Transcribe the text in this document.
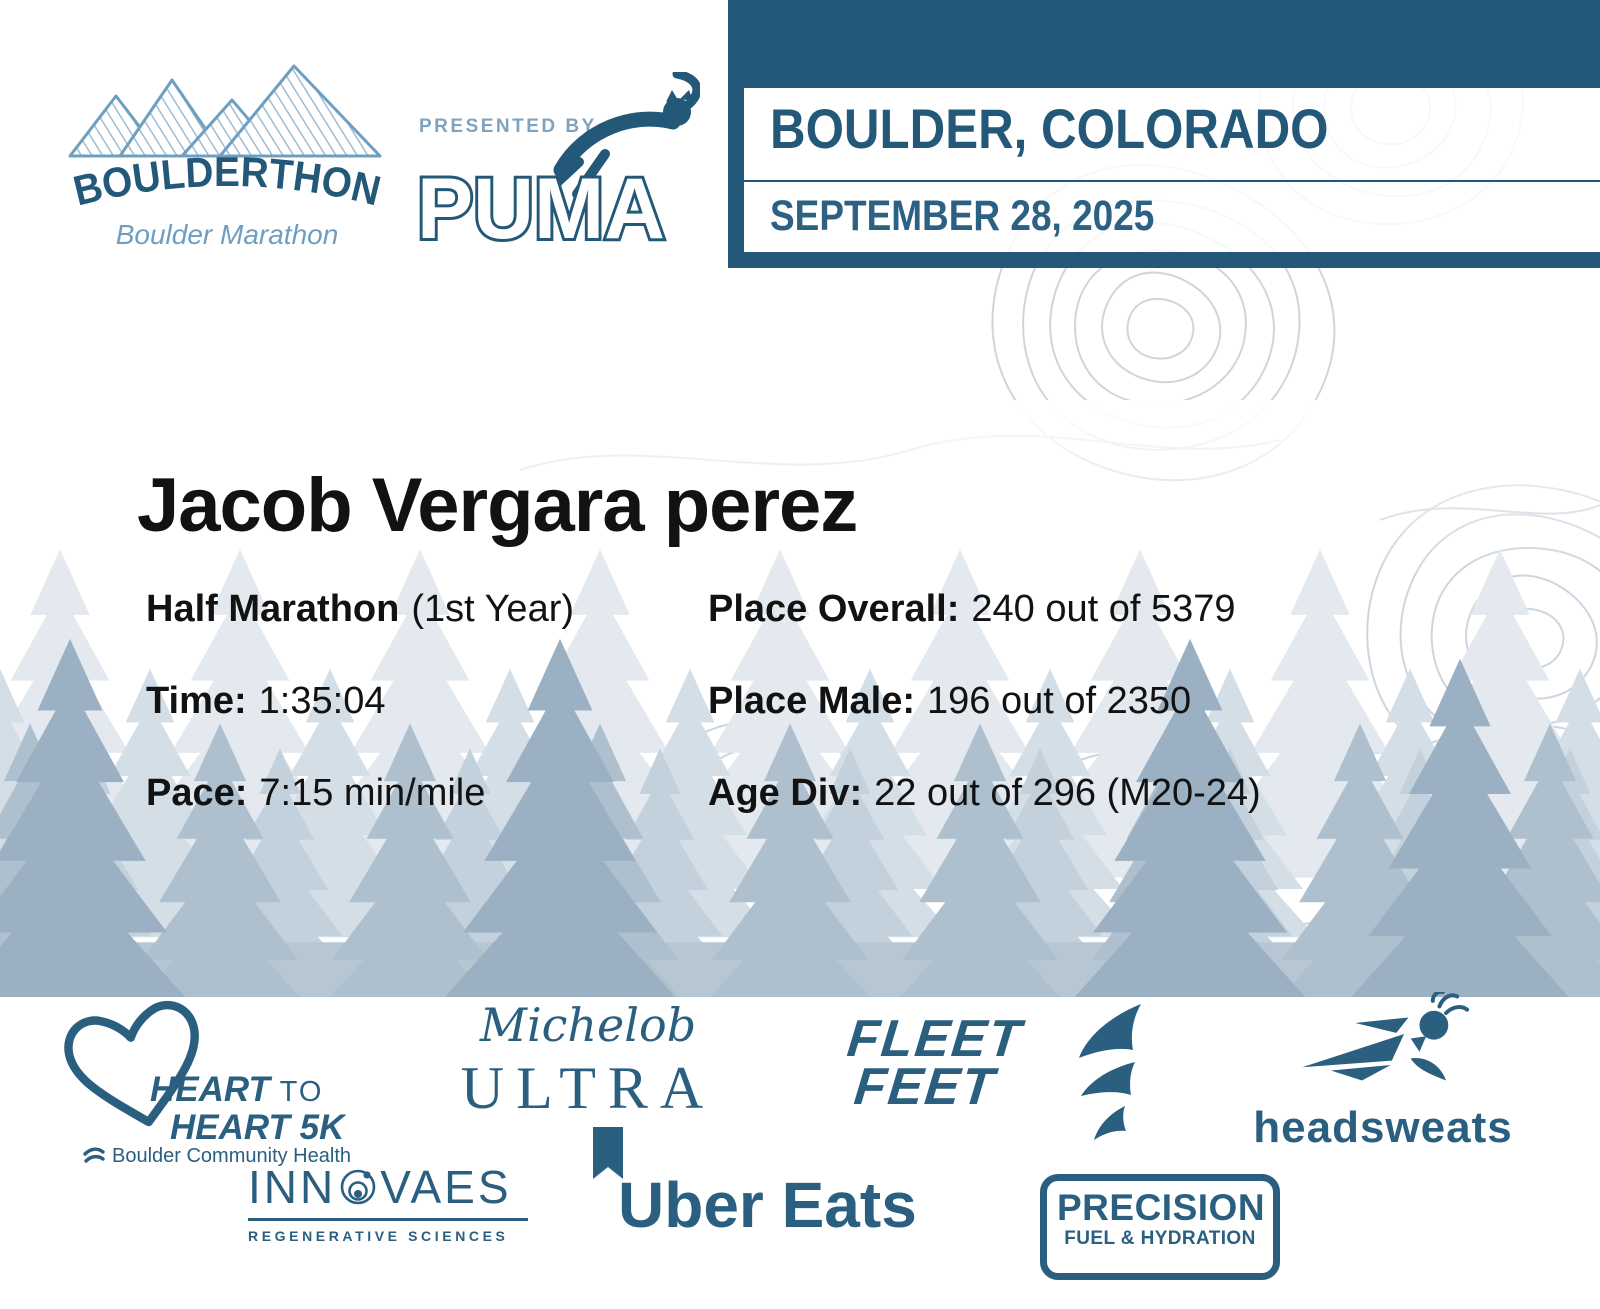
BOULDER, COLORADO
SEPTEMBER 28, 2025
BOULDERTHON
Boulder Marathon
PRESENTED BY
PUMA
Jacob Vergara perez
Half Marathon (1st Year)
Time: 1:35:04
Pace: 7:15 min/mile
Place Overall: 240 out of 5379
Place Male: 196 out of 2350
Age Div: 22 out of 296 (M20-24)
HEART TO
HEART 5K
Boulder Community Health
Michelob
ULTRA
FLEET
FEET
headsweats
INN VAES
REGENERATIVE SCIENCES	Uber Eats	PRECISION
FUEL & HYDRATION
